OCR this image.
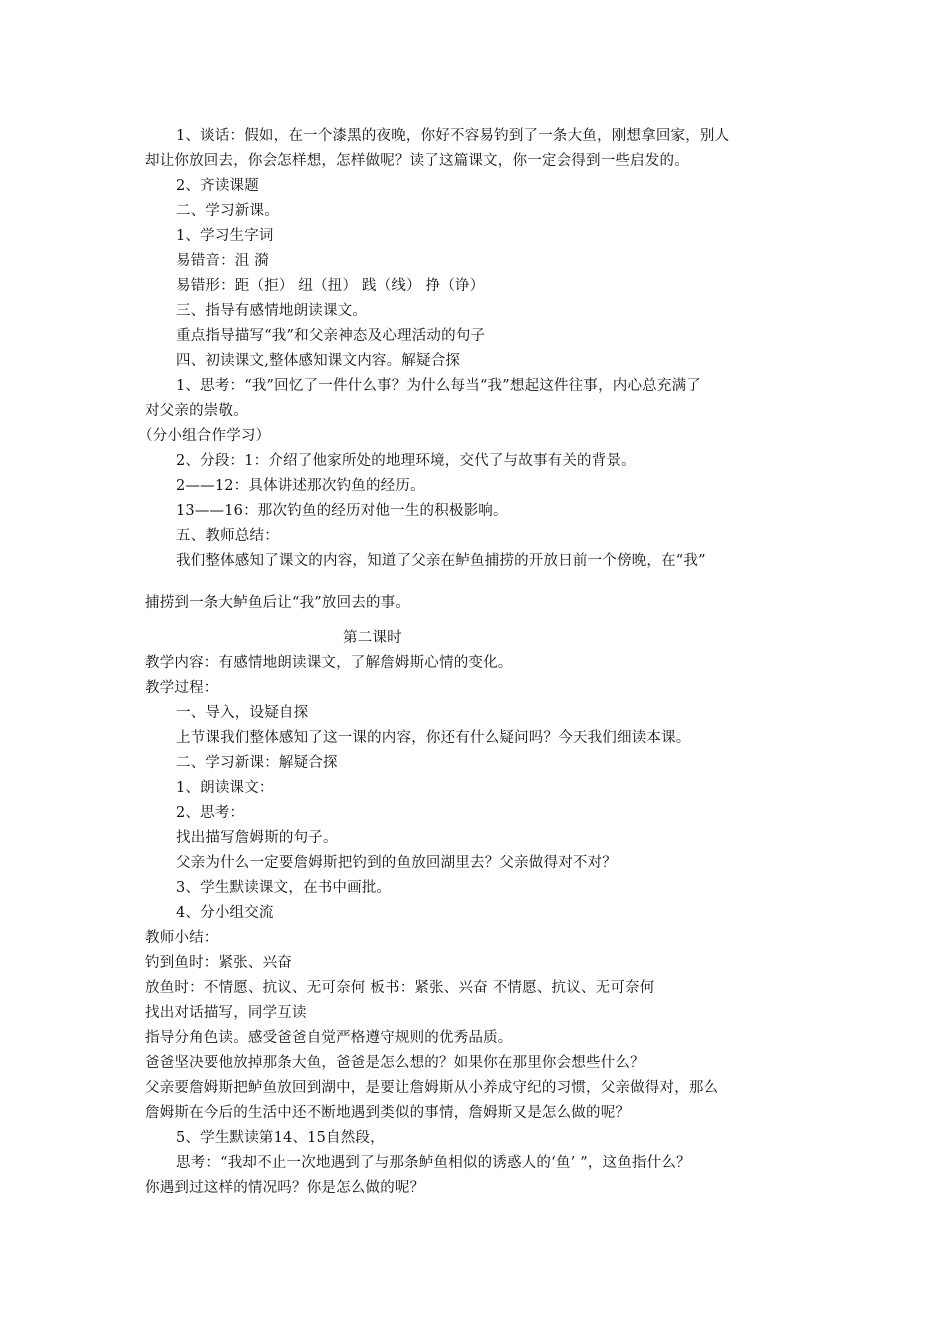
1、谈话：假如，在一个漆黑的夜晚，你好不容易钓到了一条大鱼，刚想拿回家，别人
却让你放回去，你会怎样想，怎样做呢？读了这篇课文，你一定会得到一些启发的。
2、齐读课题
二、学习新课。
1、学习生字词
易错音：沮 漪
易错形：距（拒） 纽（扭） 践（线） 挣（诤）
三、指导有感情地朗读课文。
重点指导描写“我”和父亲神态及心理活动的句子
四、初读课文,整体感知课文内容。解疑合探
1、思考：“我”回忆了一件什么事？为什么每当“我”想起这件往事，内心总充满了
对父亲的崇敬。
（分小组合作学习）
2、分段：1：介绍了他家所处的地理环境，交代了与故事有关的背景。
2——12：具体讲述那次钓鱼的经历。
13——16：那次钓鱼的经历对他一生的积极影响。
五、教师总结：
我们整体感知了课文的内容，知道了父亲在鲈鱼捕捞的开放日前一个傍晚，在“我”
捕捞到一条大鲈鱼后让“我”放回去的事。
第二课时
教学内容：有感情地朗读课文，了解詹姆斯心情的变化。
教学过程：
一、导入，设疑自探
上节课我们整体感知了这一课的内容，你还有什么疑问吗？今天我们细读本课。
二、学习新课：解疑合探
1、朗读课文：
2、思考：
找出描写詹姆斯的句子。
父亲为什么一定要詹姆斯把钓到的鱼放回湖里去？父亲做得对不对？
3、学生默读课文，在书中画批。
4、分小组交流
教师小结：
钓到鱼时：紧张、兴奋
放鱼时：不情愿、抗议、无可奈何 板书：紧张、兴奋 不情愿、抗议、无可奈何
找出对话描写，同学互读
指导分角色读。感受爸爸自觉严格遵守规则的优秀品质。
爸爸坚决要他放掉那条大鱼，爸爸是怎么想的？如果你在那里你会想些什么？
父亲要詹姆斯把鲈鱼放回到湖中，是要让詹姆斯从小养成守纪的习惯，父亲做得对，那么
詹姆斯在今后的生活中还不断地遇到类似的事情，詹姆斯又是怎么做的呢？
5、学生默读第14、15自然段，
思考：“我却不止一次地遇到了与那条鲈鱼相似的诱惑人的‘鱼’ ”，这鱼指什么？
你遇到过这样的情况吗？你是怎么做的呢？
